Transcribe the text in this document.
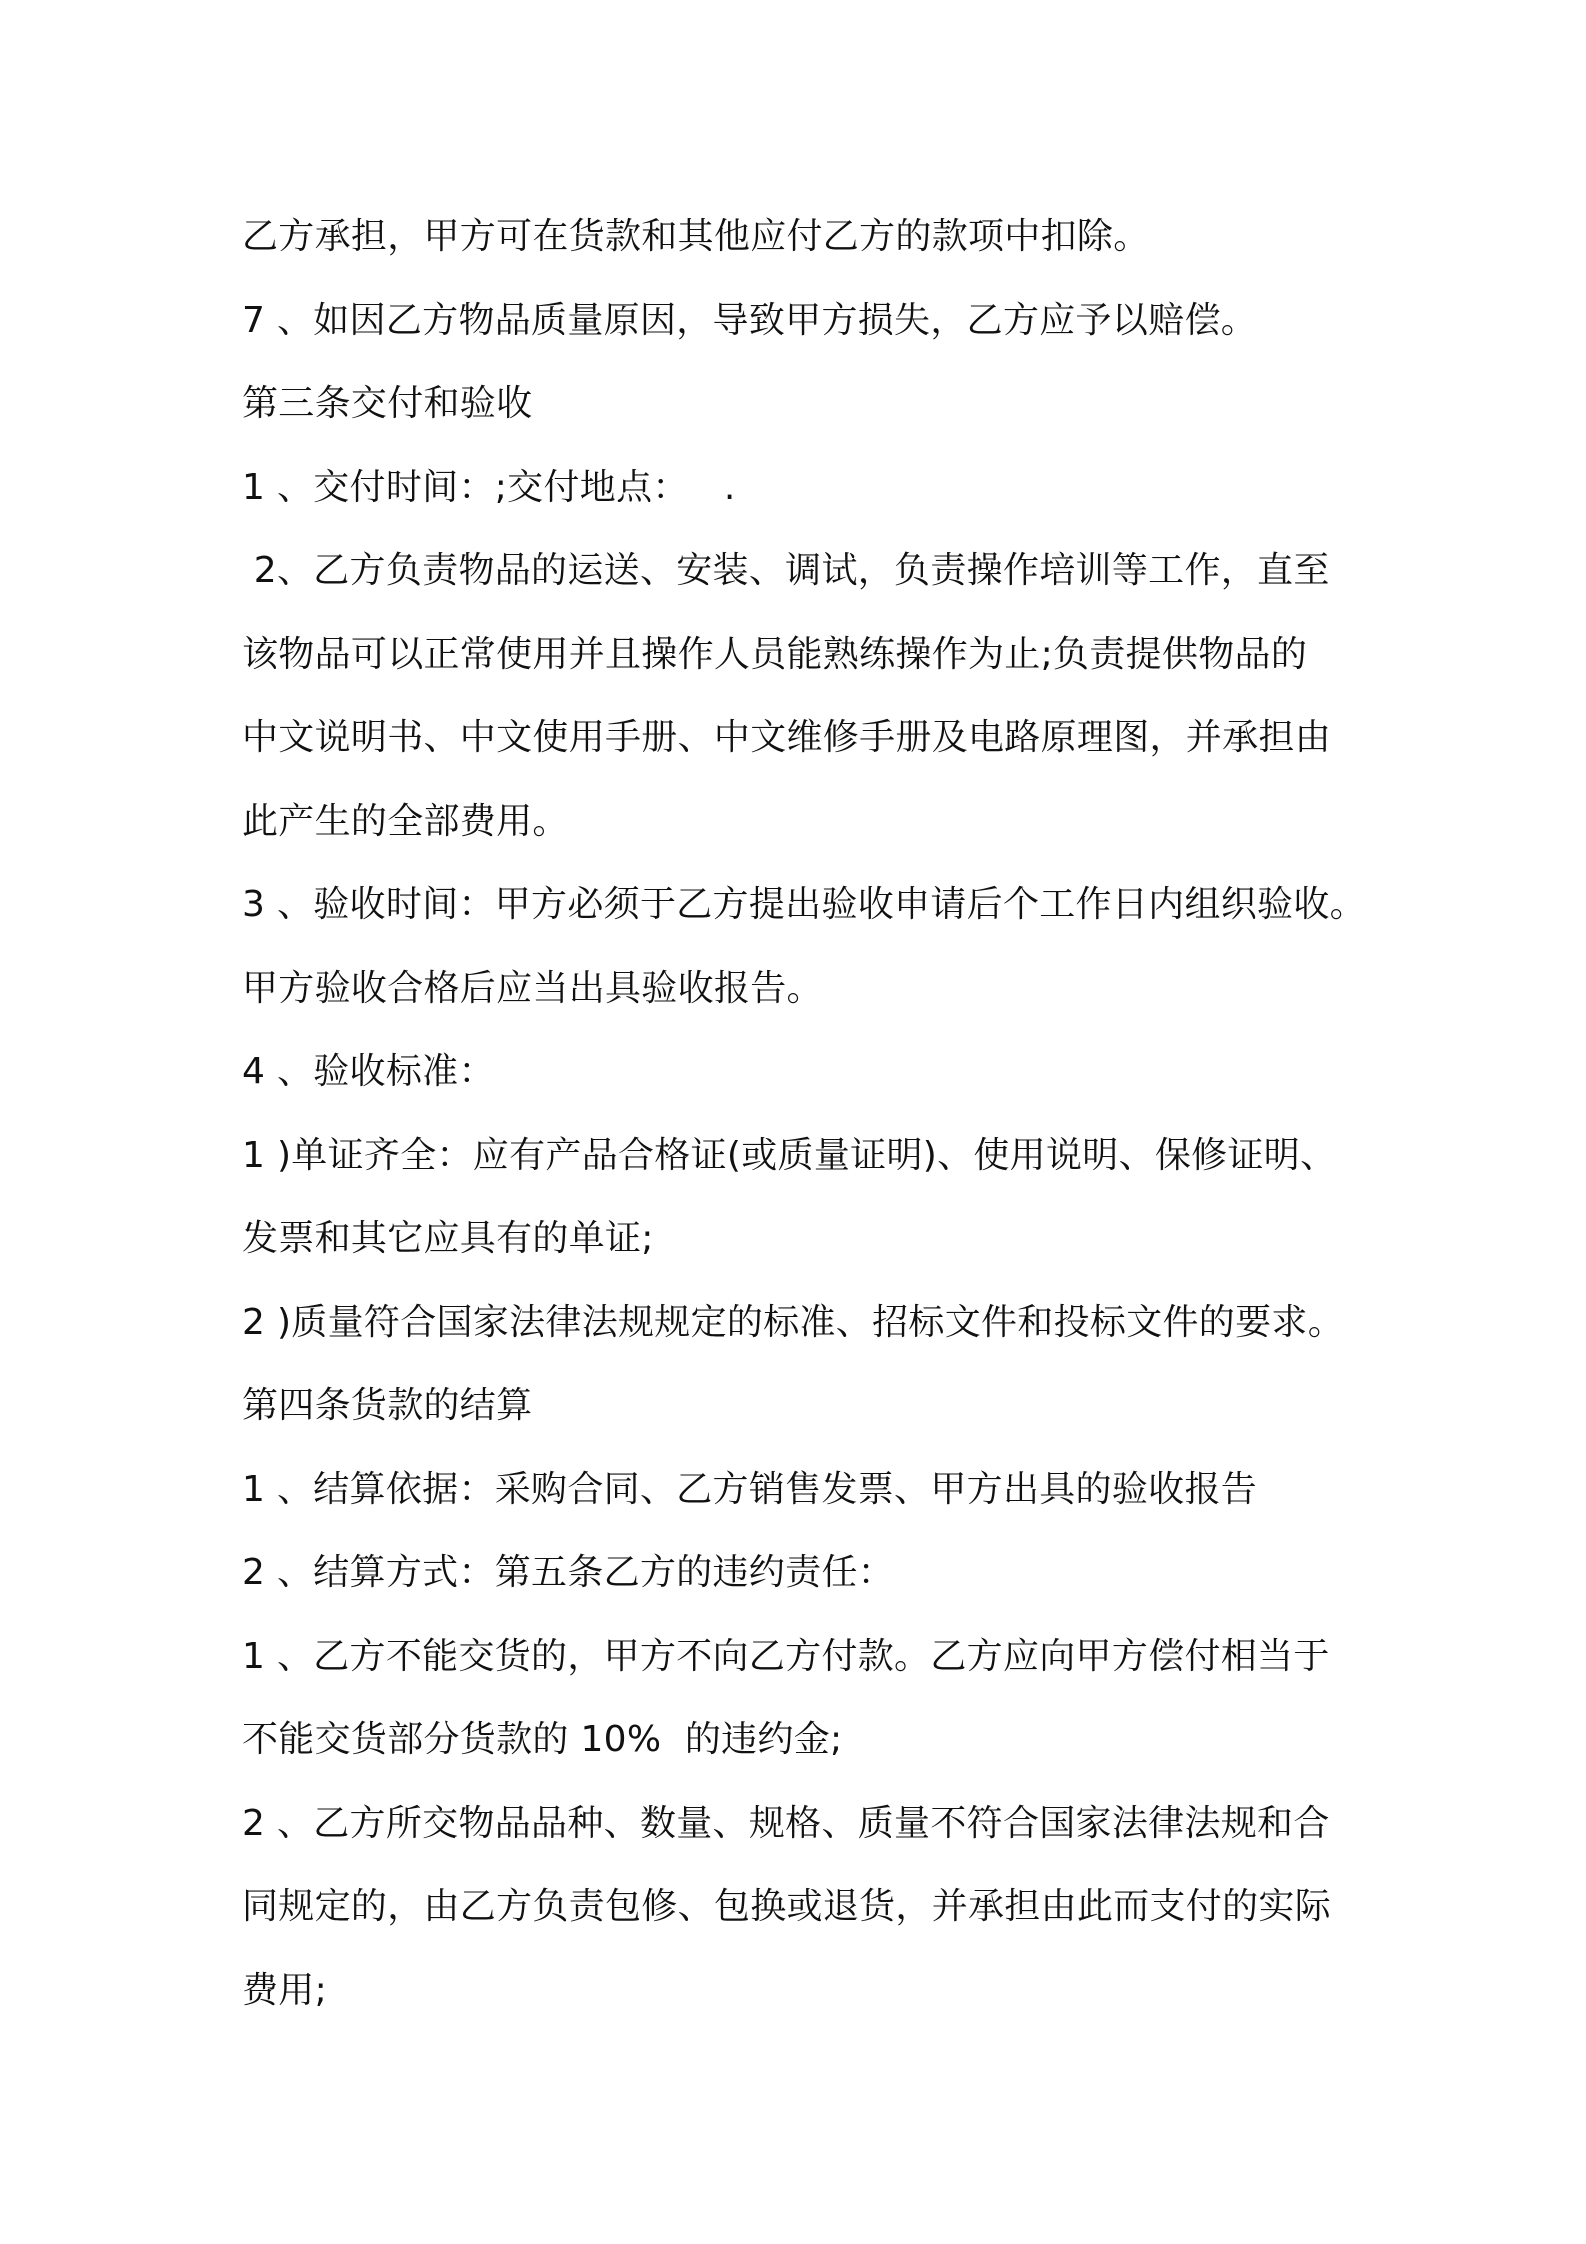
乙方承担，甲方可在货款和其他应付乙方的款项中扣除。
7 、如因乙方物品质量原因，导致甲方损失，乙方应予以赔偿。
第三条交付和验收
1 、交付时间：;交付地点：   .
2、乙方负责物品的运送、安装、调试，负责操作培训等工作，直至
该物品可以正常使用并且操作人员能熟练操作为止;负责提供物品的
中文说明书、中文使用手册、中文维修手册及电路原理图，并承担由
此产生的全部费用。
3 、验收时间：甲方必须于乙方提出验收申请后个工作日内组织验收。
甲方验收合格后应当出具验收报告。
4 、验收标准：
1 )单证齐全：应有产品合格证(或质量证明)、使用说明、保修证明、
发票和其它应具有的单证;
2 )质量符合国家法律法规规定的标准、招标文件和投标文件的要求。
第四条货款的结算
1 、结算依据：采购合同、乙方销售发票、甲方出具的验收报告
2 、结算方式：第五条乙方的违约责任：
1 、乙方不能交货的，甲方不向乙方付款。乙方应向甲方偿付相当于
不能交货部分货款的 10%  的违约金;
2 、乙方所交物品品种、数量、规格、质量不符合国家法律法规和合
同规定的，由乙方负责包修、包换或退货，并承担由此而支付的实际
费用;
